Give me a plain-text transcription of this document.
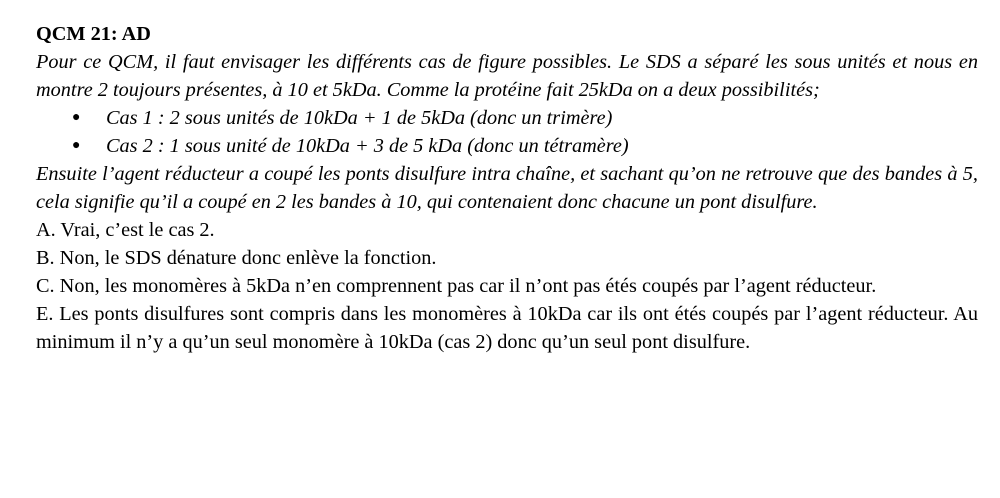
QCM 21: AD

Pour ce QCM, il faut envisager les différents cas de figure possibles. Le SDS a séparé les sous unités et nous en montre 2 toujours présentes, à 10 et 5kDa. Comme la protéine fait 25kDa on a deux possibilités;

● Cas 1 : 2 sous unités de 10kDa + 1 de 5kDa (donc un trimère)
● Cas 2 : 1 sous unité de 10kDa + 3 de 5 kDa (donc un tétramère)

Ensuite l’agent réducteur a coupé les ponts disulfure intra chaîne, et sachant qu’on ne retrouve que des bandes à 5, cela signifie qu’il a coupé en 2 les bandes à 10, qui contenaient donc chacune un pont disulfure.

A. Vrai, c’est le cas 2.

B. Non, le SDS dénature donc enlève la fonction.

C. Non, les monomères à 5kDa n’en comprennent pas car il n’ont pas étés coupés par l’agent réducteur.

E. Les ponts disulfures sont compris dans les monomères à 10kDa car ils ont étés coupés par l’agent réducteur. Au minimum il n’y a qu’un seul monomère à 10kDa (cas 2) donc qu’un seul pont disulfure.
